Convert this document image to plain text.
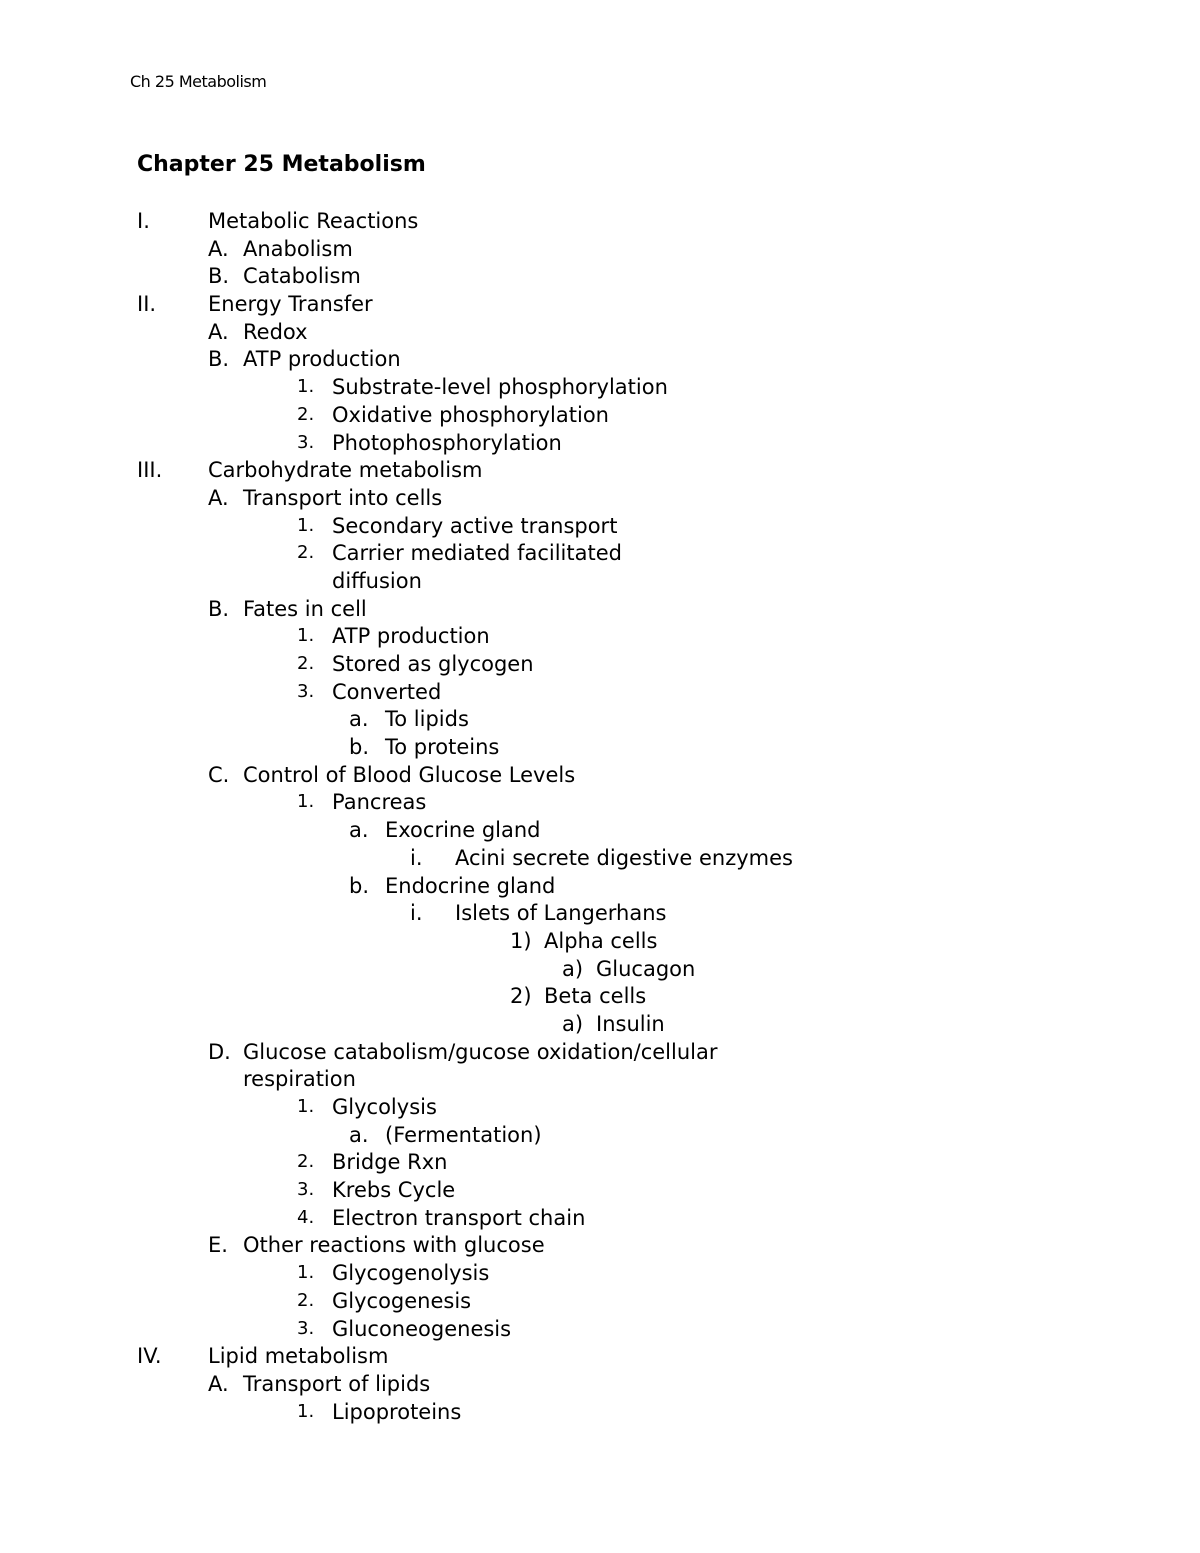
Ch 25 Metabolism
Chapter 25 Metabolism
I.	Metabolic Reactions
A. Anabolism
B. Catabolism
II. Energy Transfer
A. Redox
B. ATP production
1. Substrate-level phosphorylation
2. Oxidative phosphorylation
3. Photophosphorylation
III. Carbohydrate metabolism
A. Transport into cells
1. Secondary active transport
2. Carrier mediated facilitated
diffusion
B. Fates in cell
1. ATP production
2. Stored as glycogen
3. Converted
a. To lipids
b. To proteins
C. Control of Blood Glucose Levels
1. Pancreas
a. Exocrine gland
i. Acini secrete digestive enzymes
b. Endocrine gland
i. Islets of Langerhans
1) Alpha cells
a) Glucagon
2) Beta cells
a) Insulin
D. Glucose catabolism/gucose oxidation/cellular
respiration
1. Glycolysis
a. (Fermentation)
2. Bridge Rxn
3. Krebs Cycle
4. Electron transport chain
E. Other reactions with glucose
1. Glycogenolysis
2. Glycogenesis
3. Gluconeogenesis
IV. Lipid metabolism
A. Transport of lipids
1. Lipoproteins
